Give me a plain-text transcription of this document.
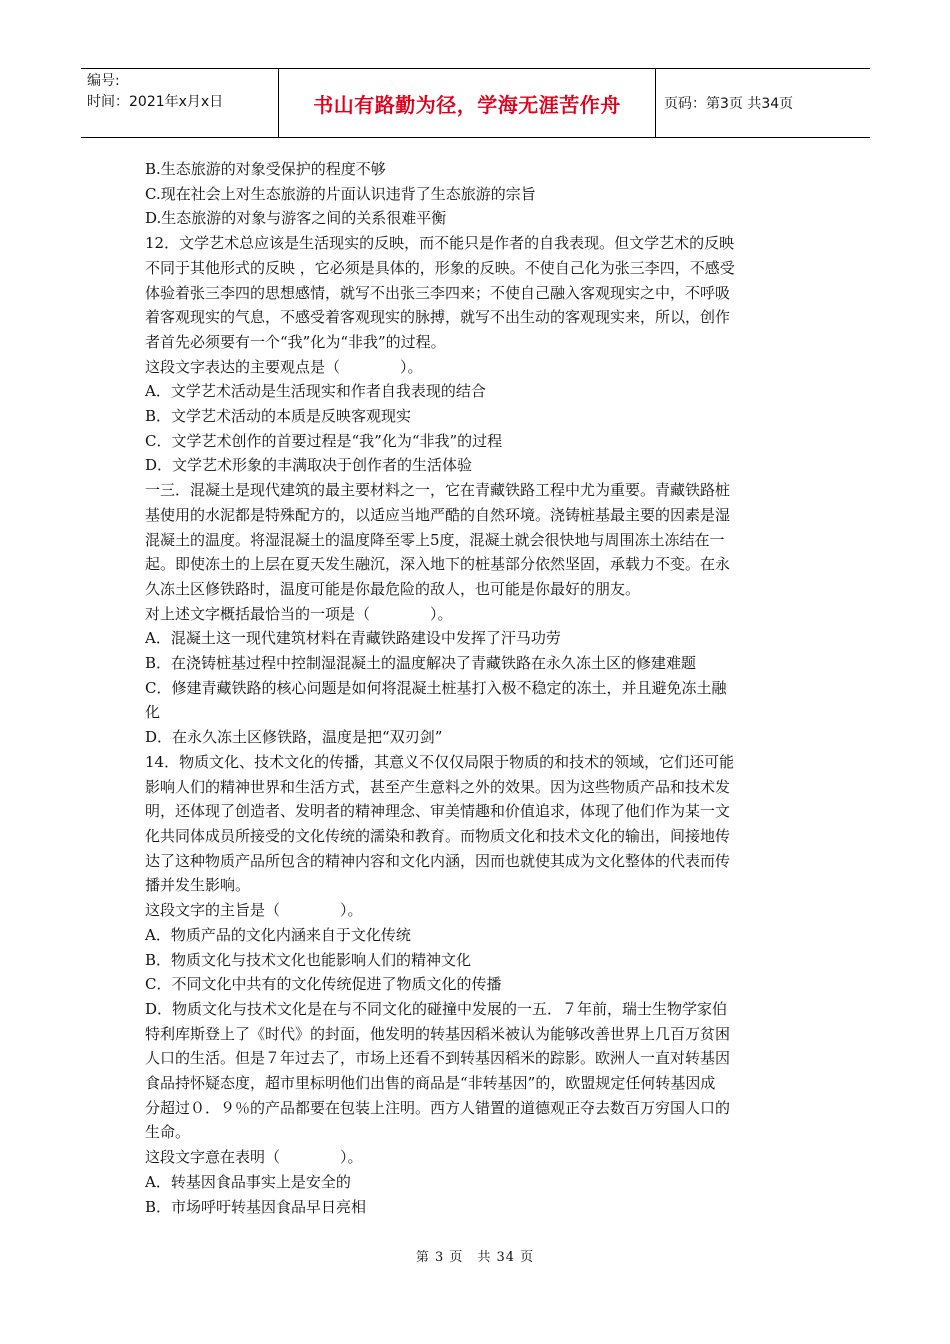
编号:
时间：2021年x月x日	书山有路勤为径，学海无涯苦作舟	页码：第3页 共34页

B.生态旅游的对象受保护的程度不够

C.现在社会上对生态旅游的片面认识违背了生态旅游的宗旨

D.生态旅游的对象与游客之间的关系很难平衡

12．文学艺术总应该是生活现实的反映，而不能只是作者的自我表现。但文学艺术的反映

不同于其他形式的反映 ，它必须是具体的，形象的反映。不使自己化为张三李四，不感受

体验着张三李四的思想感情，就写不出张三李四来；不使自己融入客观现实之中，不呼吸

着客观现实的气息，不感受着客观现实的脉搏，就写不出生动的客观现实来，所以，创作

者首先必须要有一个“我”化为“非我”的过程。

这段文字表达的主要观点是（　　　　）。

A．文学艺术活动是生活现实和作者自我表现的结合

B．文学艺术活动的本质是反映客观现实

C．文学艺术创作的首要过程是“我”化为“非我”的过程

D．文学艺术形象的丰满取决于创作者的生活体验

一三．混凝土是现代建筑的最主要材料之一，它在青藏铁路工程中尤为重要。青藏铁路桩

基使用的水泥都是特殊配方的，以适应当地严酷的自然环境。浇铸桩基最主要的因素是湿

混凝土的温度。将湿混凝土的温度降至零上5度，混凝土就会很快地与周围冻土冻结在一

起。即使冻土的上层在夏天发生融沉，深入地下的桩基部分依然坚固，承载力不变。在永

久冻土区修铁路时，温度可能是你最危险的敌人，也可能是你最好的朋友。

对上述文字概括最恰当的一项是（　　　　）。

A．混凝土这一现代建筑材料在青藏铁路建设中发挥了汗马功劳

B．在浇铸桩基过程中控制湿混凝土的温度解决了青藏铁路在永久冻土区的修建难题

C．修建青藏铁路的核心问题是如何将混凝土桩基打入极不稳定的冻土，并且避免冻土融

化

D．在永久冻土区修铁路，温度是把“双刃剑”

14．物质文化、技术文化的传播，其意义不仅仅局限于物质的和技术的领域，它们还可能

影响人们的精神世界和生活方式，甚至产生意料之外的效果。因为这些物质产品和技术发

明，还体现了创造者、发明者的精神理念、审美情趣和价值追求，体现了他们作为某一文

化共同体成员所接受的文化传统的濡染和教育。而物质文化和技术文化的输出，间接地传

达了这种物质产品所包含的精神内容和文化内涵，因而也就使其成为文化整体的代表而传

播并发生影响。

这段文字的主旨是（　　　　）。

A．物质产品的文化内涵来自于文化传统

B．物质文化与技术文化也能影响人们的精神文化

C．不同文化中共有的文化传统促进了物质文化的传播

D．物质文化与技术文化是在与不同文化的碰撞中发展的一五．７年前，瑞士生物学家伯

特利库斯登上了《时代》的封面，他发明的转基因稻米被认为能够改善世界上几百万贫困

人口的生活。但是７年过去了，市场上还看不到转基因稻米的踪影。欧洲人一直对转基因

食品持怀疑态度，超市里标明他们出售的商品是“非转基因”的，欧盟规定任何转基因成

分超过０．９％的产品都要在包装上注明。西方人错置的道德观正夺去数百万穷国人口的

生命。

这段文字意在表明（　　　　）。

A．转基因食品事实上是安全的

B．市场呼吁转基因食品早日亮相

第 3 页 共 34 页
